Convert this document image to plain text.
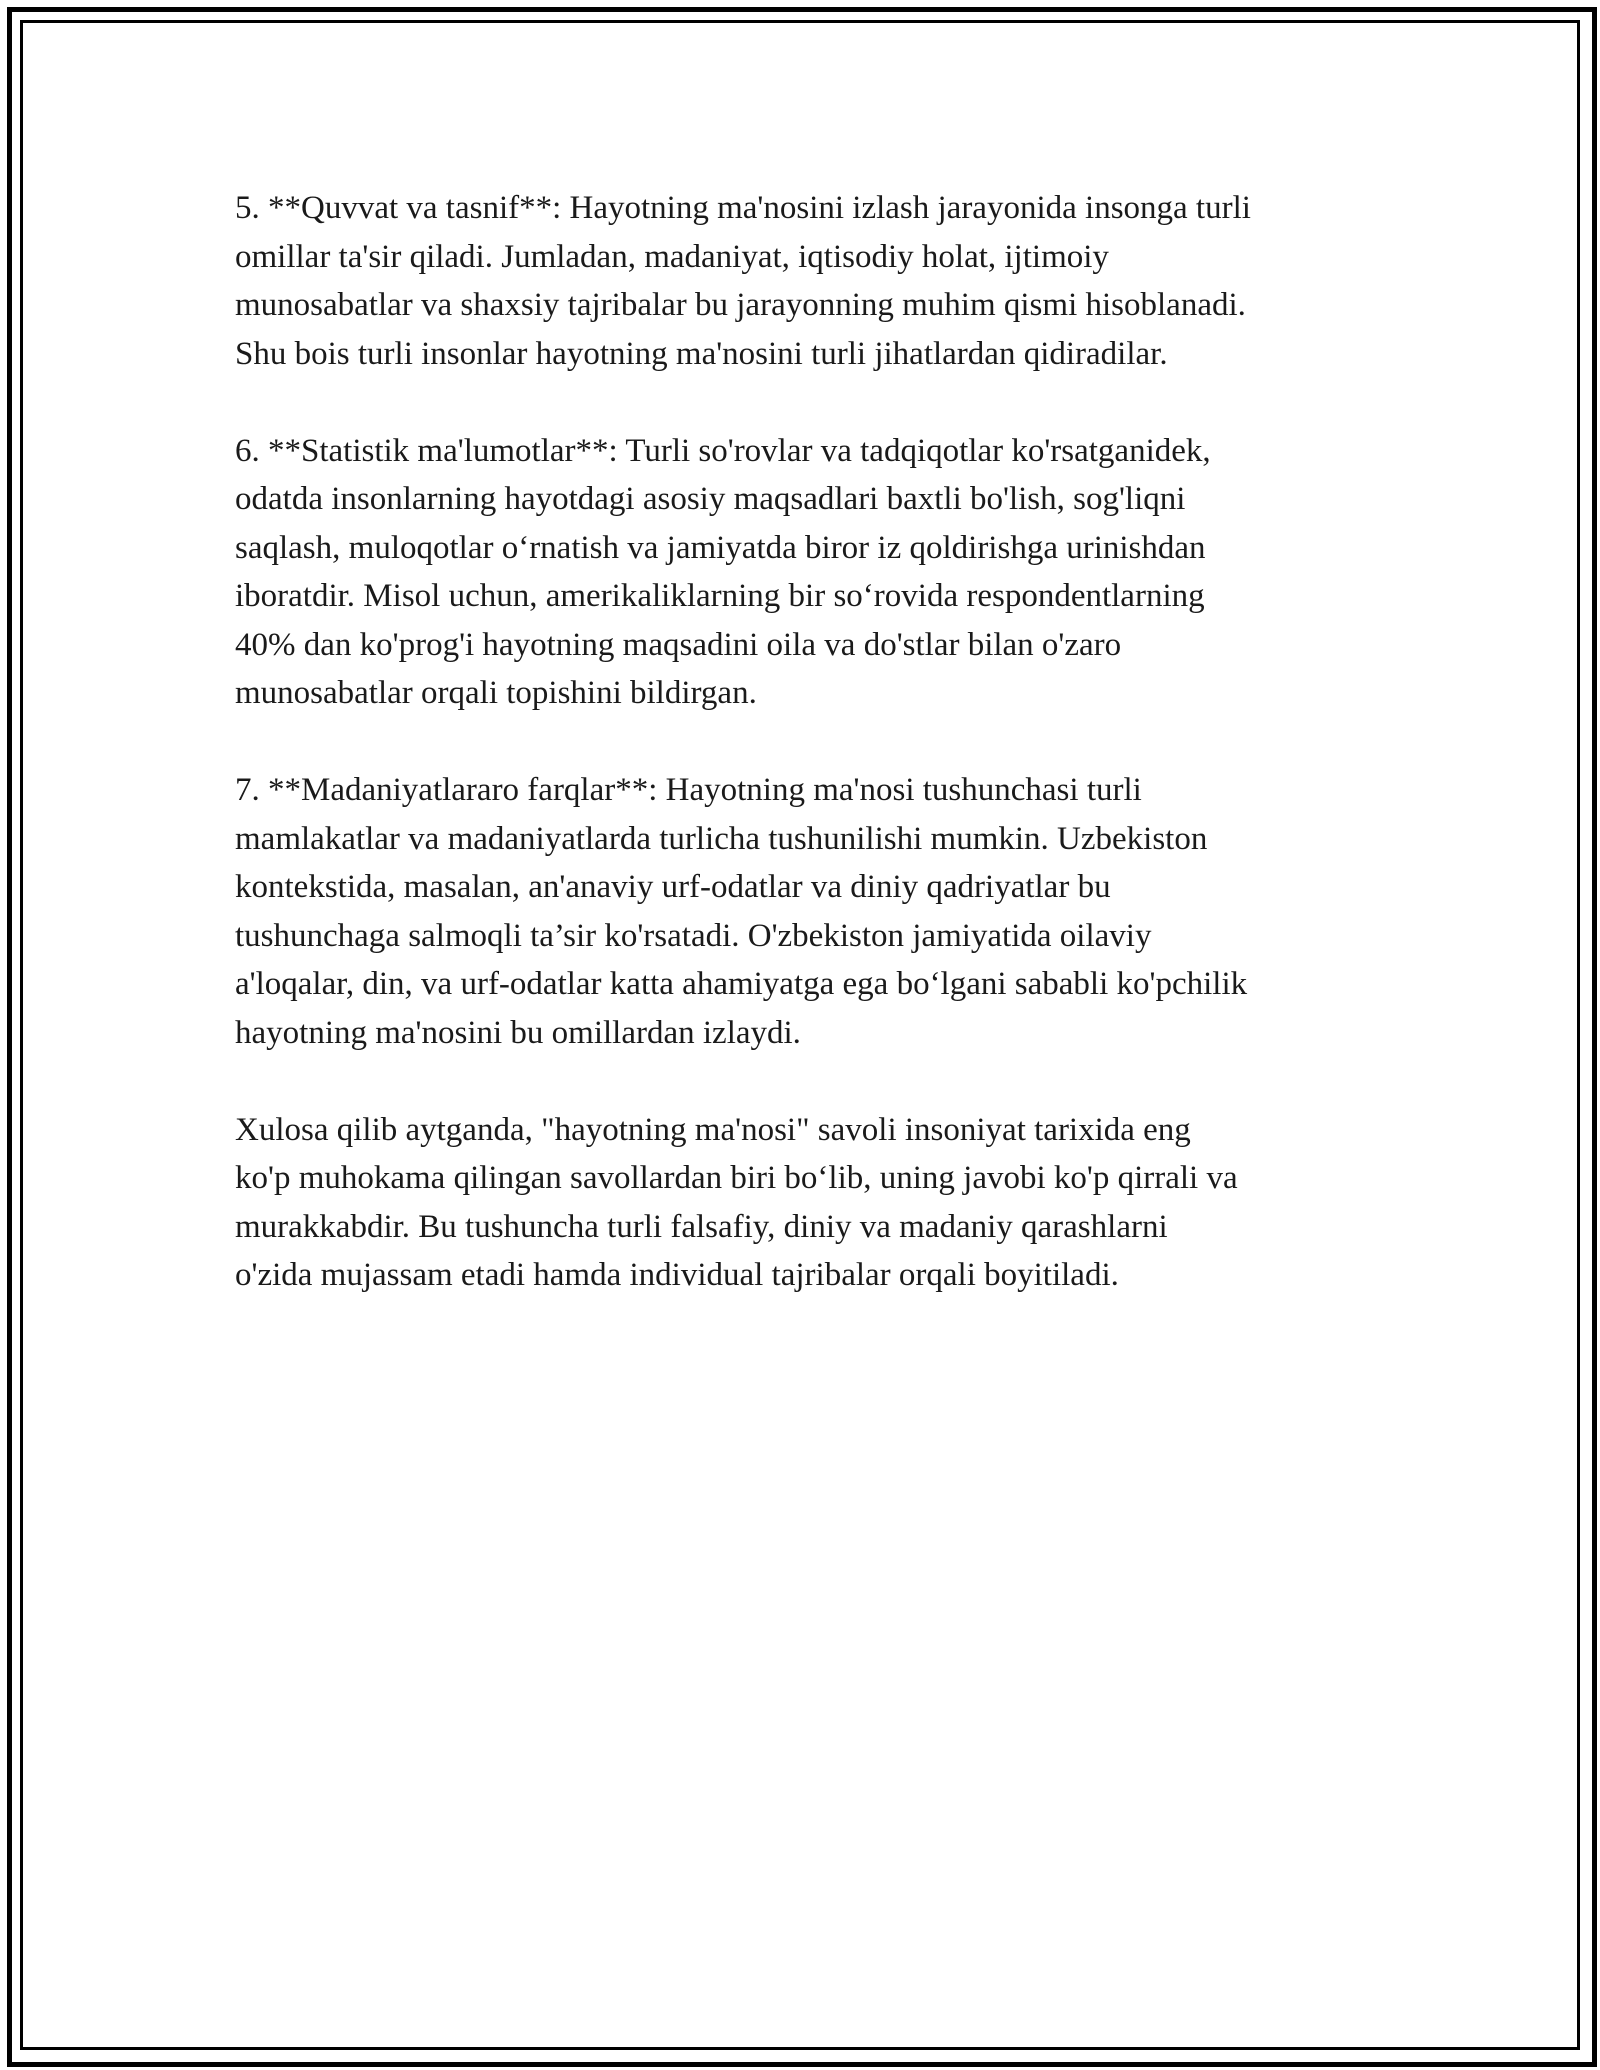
5. **Quvvat va tasnif**: Hayotning ma'nosini izlash jarayonida insonga turli
omillar ta'sir qiladi. Jumladan, madaniyat, iqtisodiy holat, ijtimoiy
munosabatlar va shaxsiy tajribalar bu jarayonning muhim qismi hisoblanadi.
Shu bois turli insonlar hayotning ma'nosini turli jihatlardan qidiradilar.

6. **Statistik ma'lumotlar**: Turli so'rovlar va tadqiqotlar ko'rsatganidek,
odatda insonlarning hayotdagi asosiy maqsadlari baxtli bo'lish, sog'liqni
saqlash, muloqotlar o‘rnatish va jamiyatda biror iz qoldirishga urinishdan
iboratdir. Misol uchun, amerikaliklarning bir so‘rovida respondentlarning
40% dan ko'prog'i hayotning maqsadini oila va do'stlar bilan o'zaro
munosabatlar orqali topishini bildirgan.

7. **Madaniyatlararo farqlar**: Hayotning ma'nosi tushunchasi turli
mamlakatlar va madaniyatlarda turlicha tushunilishi mumkin. Uzbekiston
kontekstida, masalan, an'anaviy urf-odatlar va diniy qadriyatlar bu
tushunchaga salmoqli ta’sir ko'rsatadi. O'zbekiston jamiyatida oilaviy
a'loqalar, din, va urf-odatlar katta ahamiyatga ega bo‘lgani sababli ko'pchilik
hayotning ma'nosini bu omillardan izlaydi.

Xulosa qilib aytganda, "hayotning ma'nosi" savoli insoniyat tarixida eng
ko'p muhokama qilingan savollardan biri bo‘lib, uning javobi ko'p qirrali va
murakkabdir. Bu tushuncha turli falsafiy, diniy va madaniy qarashlarni
o'zida mujassam etadi hamda individual tajribalar orqali boyitiladi.
